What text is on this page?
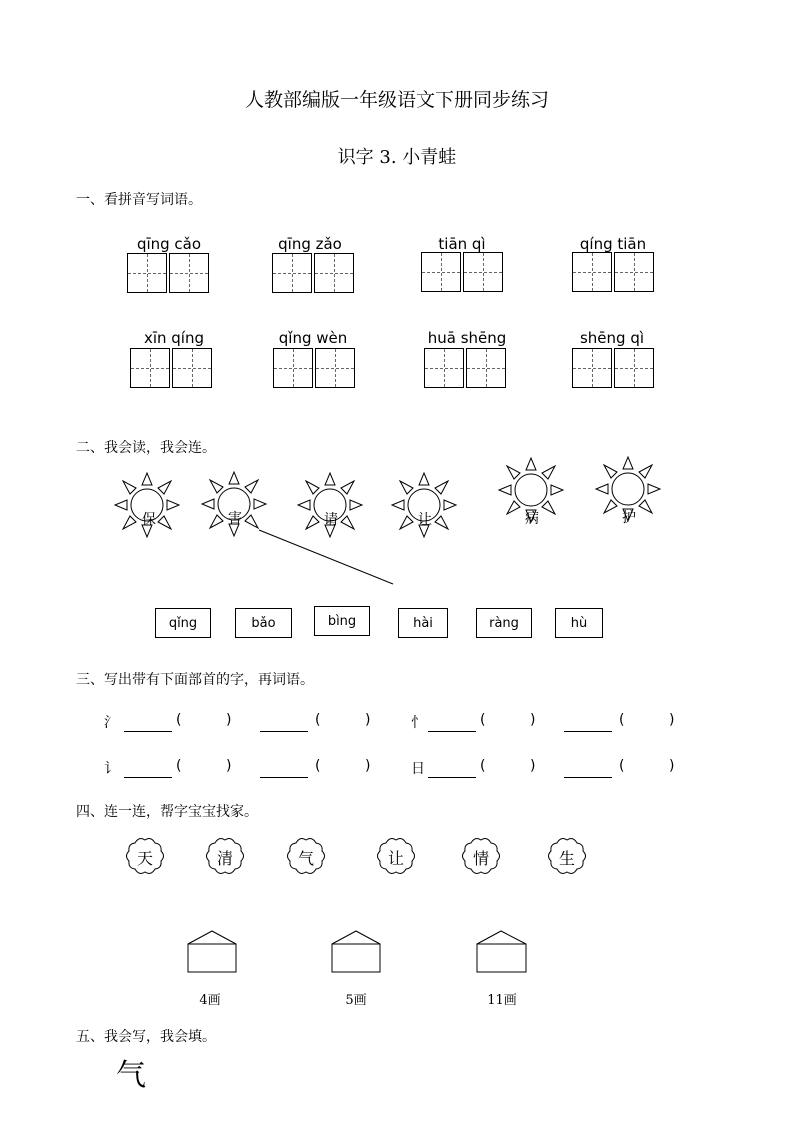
人教部编版一年级语文下册同步练习
识字 3. 小青蛙
一、看拼音写词语。
qīng cǎo	qīng zǎo	tiān qì	qíng tiān
xīn qíng	qǐng wèn	huā shēng	shēng qì
二、我会读，我会连。
保	害	请	让	病	护
qǐng	bǎo	bìng	hài	ràng	hù
三、写出带有下面部首的字，再词语。
氵	(          )	(          )	忄	(          )	(          )
讠	(          )	(          )	日	(          )	(          )
四、连一连，帮字宝宝找家。
天	清	气	让	情	生
4画	5画	11画
五、我会写，我会填。
气
